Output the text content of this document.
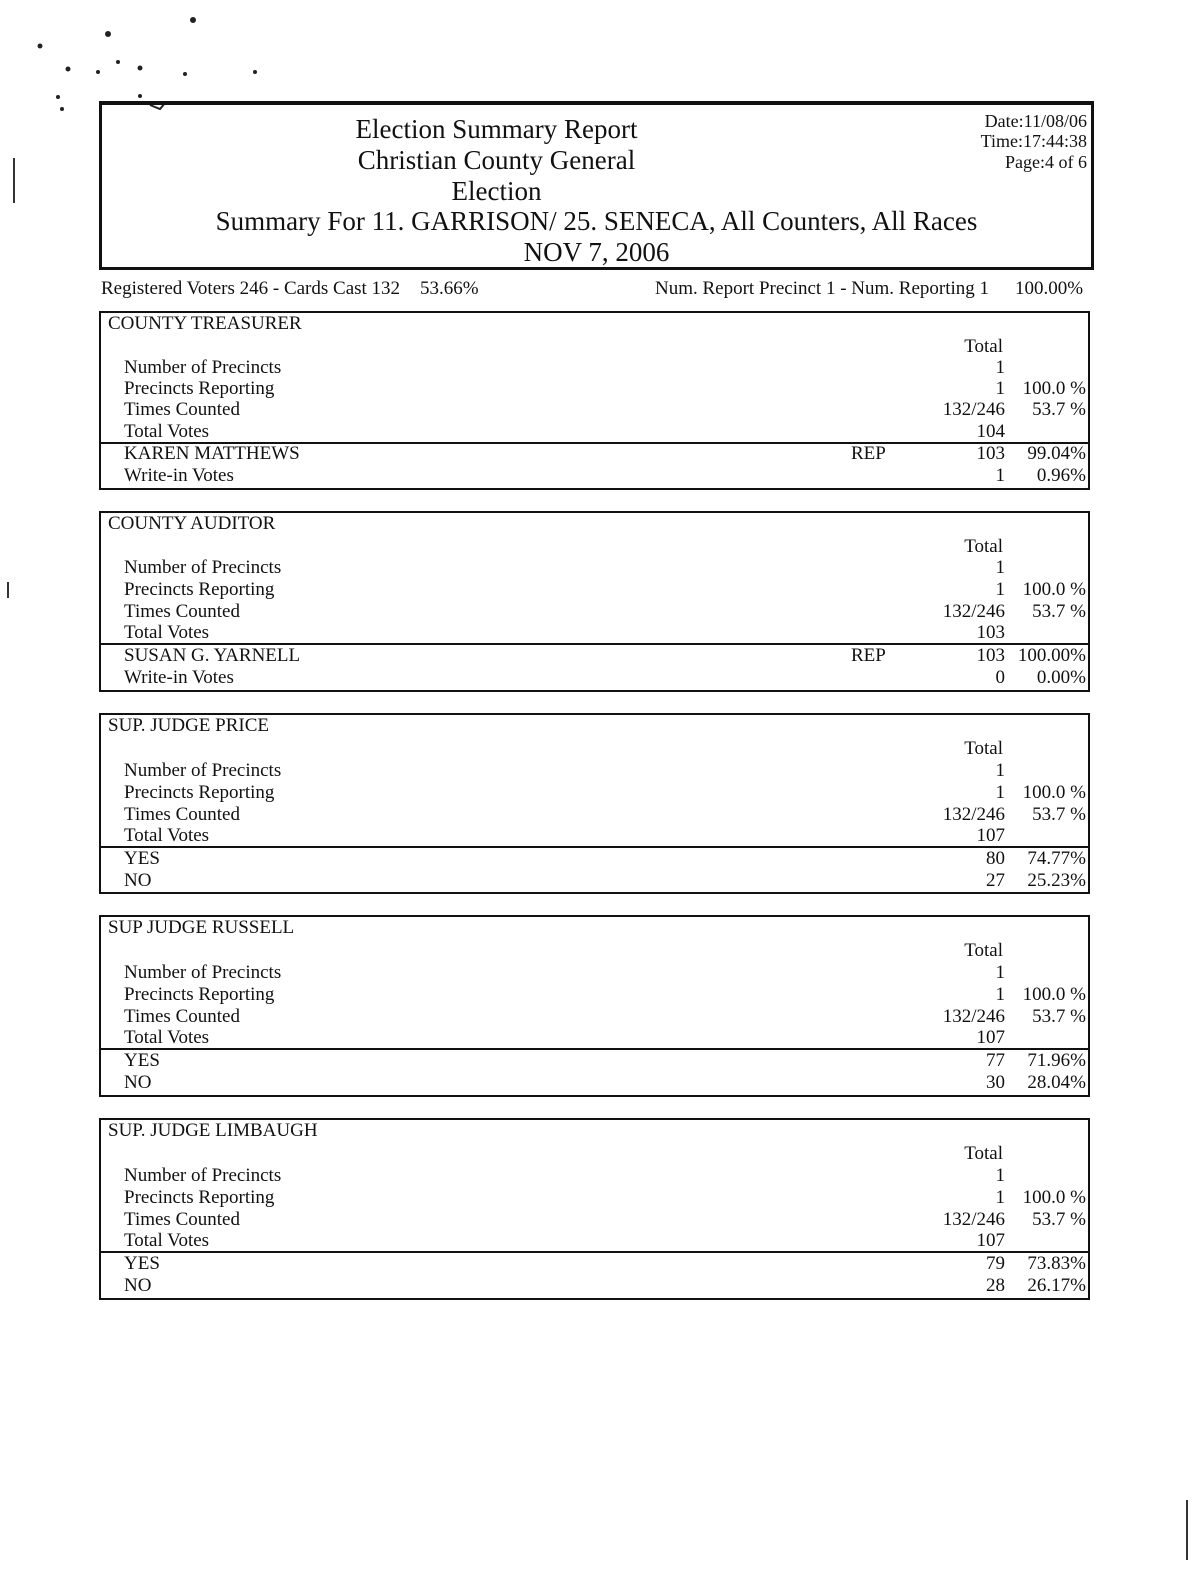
Election Summary Report
Christian County General
Election
Summary For 11. GARRISON/ 25. SENECA, All Counters, All Races
NOV 7, 2006
Date:11/08/06
Time:17:44:38
Page:4 of 6
Registered Voters 246 - Cards Cast 132 53.66%	Num. Report Precinct 1 - Num. Reporting 1 100.00%
COUNTY TREASURER
Total
Number of Precincts	1
Precincts Reporting	1 100.0 %
Times Counted	132/246 53.7 %
Total Votes	104
KAREN MATTHEWS	REP	103 99.04%
Write-in Votes	1 0.96%
COUNTY AUDITOR
Total
Number of Precincts	1
Precincts Reporting	1 100.0 %
Times Counted	132/246 53.7 %
Total Votes	103
SUSAN G. YARNELL	REP	103 100.00%
Write-in Votes	0 0.00%
SUP. JUDGE PRICE
Total
Number of Precincts	1
Precincts Reporting	1 100.0 %
Times Counted	132/246 53.7 %
Total Votes	107
YES	80 74.77%
NO	27 25.23%
SUP JUDGE RUSSELL
Total
Number of Precincts	1
Precincts Reporting	1 100.0 %
Times Counted	132/246 53.7 %
Total Votes	107
YES	77 71.96%
NO	30 28.04%
SUP. JUDGE LIMBAUGH
Total
Number of Precincts	1
Precincts Reporting	1 100.0 %
Times Counted	132/246 53.7 %
Total Votes	107
YES	79 73.83%
NO	28 26.17%
